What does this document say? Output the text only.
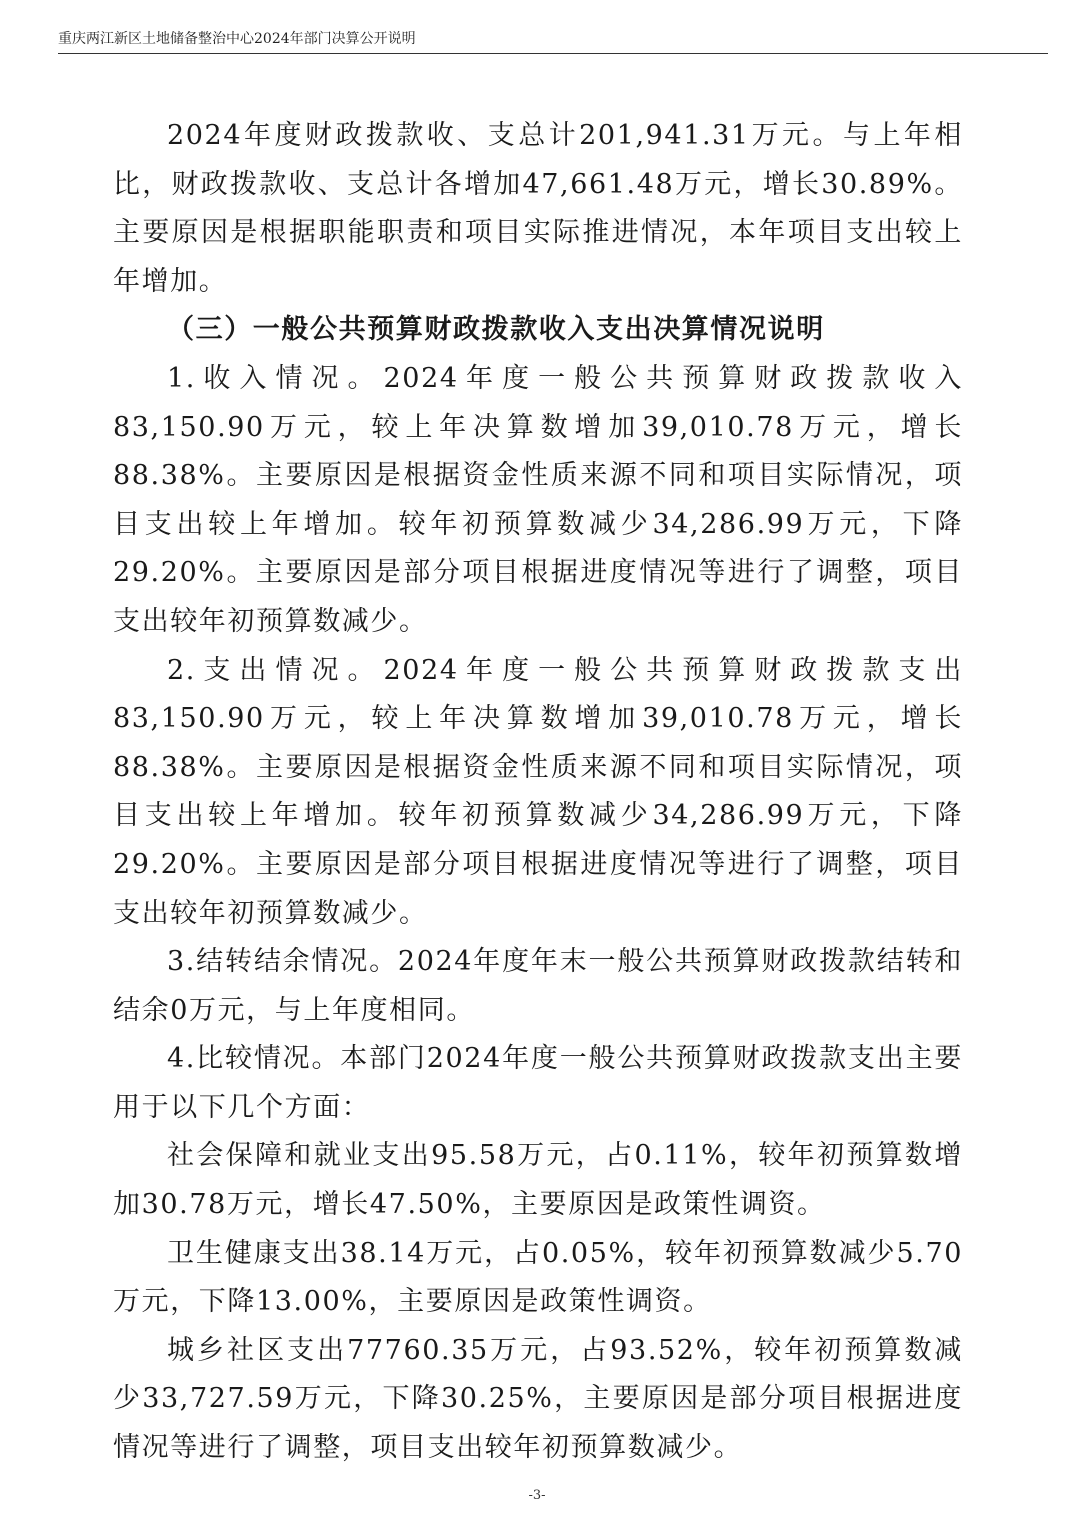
重庆两江新区土地储备整治中心2024年部门决算公开说明

2024年度财政拨款收、支总计201,941.31万元。与上年相比，财政拨款收、支总计各增加47,661.48万元，增长30.89%。主要原因是根据职能职责和项目实际推进情况，本年项目支出较上年增加。

（三）一般公共预算财政拨款收入支出决算情况说明

1.收入情况。2024年度一般公共预算财政拨款收入83,150.90万元，较上年决算数增加39,010.78万元，增长88.38%。主要原因是根据资金性质来源不同和项目实际情况，项目支出较上年增加。较年初预算数减少34,286.99万元，下降29.20%。主要原因是部分项目根据进度情况等进行了调整，项目支出较年初预算数减少。

2.支出情况。2024年度一般公共预算财政拨款支出83,150.90万元，较上年决算数增加39,010.78万元，增长88.38%。主要原因是根据资金性质来源不同和项目实际情况，项目支出较上年增加。较年初预算数减少34,286.99万元，下降29.20%。主要原因是部分项目根据进度情况等进行了调整，项目支出较年初预算数减少。

3.结转结余情况。2024年度年末一般公共预算财政拨款结转和结余0万元，与上年度相同。

4.比较情况。本部门2024年度一般公共预算财政拨款支出主要用于以下几个方面：

社会保障和就业支出95.58万元，占0.11%，较年初预算数增加30.78万元，增长47.50%，主要原因是政策性调资。

卫生健康支出38.14万元，占0.05%，较年初预算数减少5.70万元，下降13.00%，主要原因是政策性调资。

城乡社区支出77760.35万元，占93.52%，较年初预算数减少33,727.59万元，下降30.25%，主要原因是部分项目根据进度情况等进行了调整，项目支出较年初预算数减少。

-3-
